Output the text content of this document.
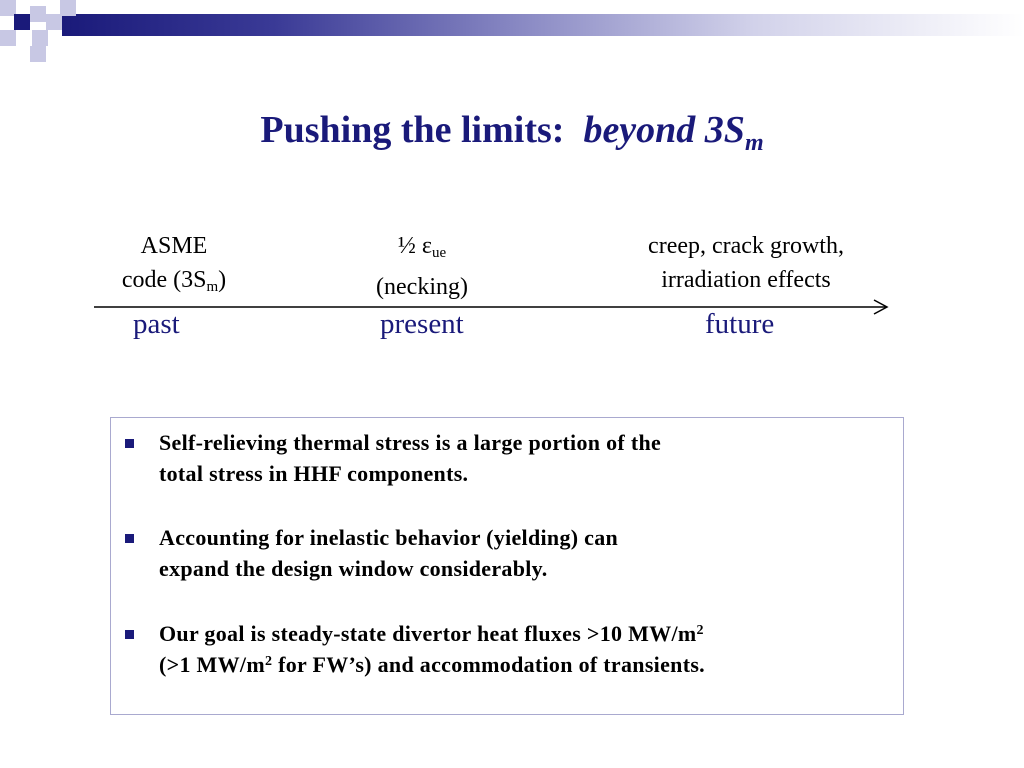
Pushing the limits: beyond $3S_m$
ASME
code $(3S_m)$
½ $\varepsilon_{ue}$
(necking)
creep, crack growth,
irradiation effects
past	present	future
Self-relieving thermal stress is a large portion of the
total stress in HHF components.
Accounting for inelastic behavior (yielding) can
expand the design window considerably.
Our goal is steady-state divertor heat fluxes >10 $MW/m^2$
(>1 $MW/m^2$ for FW’s) and accommodation of transients.
